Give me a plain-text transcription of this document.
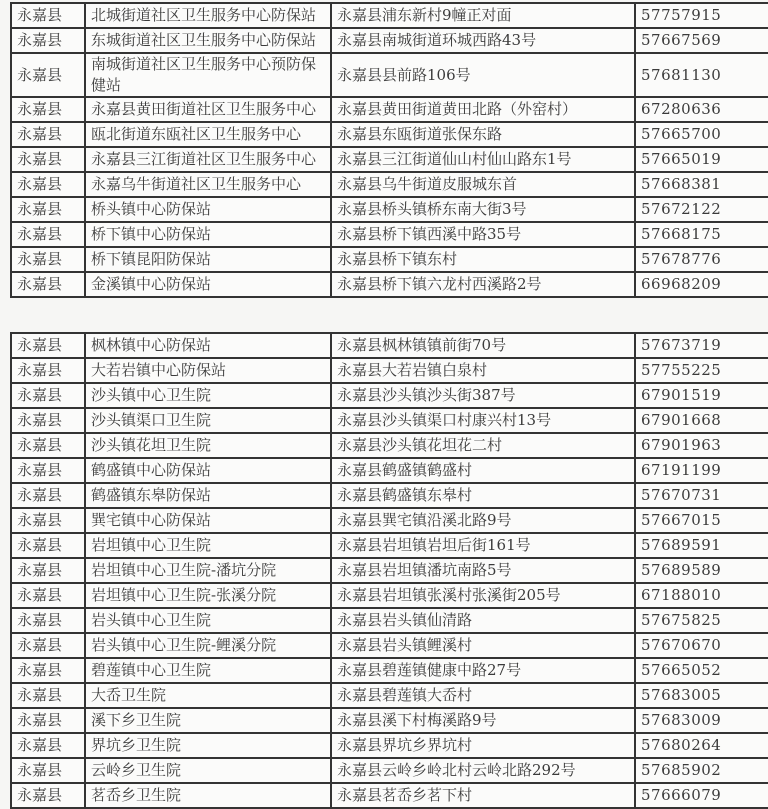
永嘉县	北城街道社区卫生服务中心防保站	永嘉县浦东新村9幢正对面	57757915
永嘉县	东城街道社区卫生服务中心防保站	永嘉县南城街道环城西路43号	57667569
永嘉县	南城街道社区卫生服务中心预防保健站	永嘉县县前路106号	57681130
永嘉县	永嘉县黄田街道社区卫生服务中心	永嘉县黄田街道黄田北路（外窑村）	67280636
永嘉县	瓯北街道东瓯社区卫生服务中心	永嘉县东瓯街道张保东路	57665700
永嘉县	永嘉县三江街道社区卫生服务中心	永嘉县三江街道仙山村仙山路东1号	57665019
永嘉县	永嘉乌牛街道社区卫生服务中心	永嘉县乌牛街道皮服城东首	57668381
永嘉县	桥头镇中心防保站	永嘉县桥头镇桥东南大街3号	57672122
永嘉县	桥下镇中心防保站	永嘉县桥下镇西溪中路35号	57668175
永嘉县	桥下镇昆阳防保站	永嘉县桥下镇东村	57678776
永嘉县	金溪镇中心防保站	永嘉县桥下镇六龙村西溪路2号	66968209
永嘉县	枫林镇中心防保站	永嘉县枫林镇镇前街70号	57673719
永嘉县	大若岩镇中心防保站	永嘉县大若岩镇白泉村	57755225
永嘉县	沙头镇中心卫生院	永嘉县沙头镇沙头街387号	67901519
永嘉县	沙头镇渠口卫生院	永嘉县沙头镇渠口村康兴村13号	67901668
永嘉县	沙头镇花坦卫生院	永嘉县沙头镇花坦花二村	67901963
永嘉县	鹤盛镇中心防保站	永嘉县鹤盛镇鹤盛村	67191199
永嘉县	鹤盛镇东皋防保站	永嘉县鹤盛镇东皋村	57670731
永嘉县	巽宅镇中心防保站	永嘉县巽宅镇沿溪北路9号	57667015
永嘉县	岩坦镇中心卫生院	永嘉县岩坦镇岩坦后街161号	57689591
永嘉县	岩坦镇中心卫生院-潘坑分院	永嘉县岩坦镇潘坑南路5号	57689589
永嘉县	岩坦镇中心卫生院-张溪分院	永嘉县岩坦镇张溪村张溪街205号	67188010
永嘉县	岩头镇中心卫生院	永嘉县岩头镇仙清路	57675825
永嘉县	岩头镇中心卫生院-鲤溪分院	永嘉县岩头镇鲤溪村	57670670
永嘉县	碧莲镇中心卫生院	永嘉县碧莲镇健康中路27号	57665052
永嘉县	大岙卫生院	永嘉县碧莲镇大岙村	57683005
永嘉县	溪下乡卫生院	永嘉县溪下村梅溪路9号	57683009
永嘉县	界坑乡卫生院	永嘉县界坑乡界坑村	57680264
永嘉县	云岭乡卫生院	永嘉县云岭乡岭北村云岭北路292号	57685902
永嘉县	茗岙乡卫生院	永嘉县茗岙乡茗下村	57666079
